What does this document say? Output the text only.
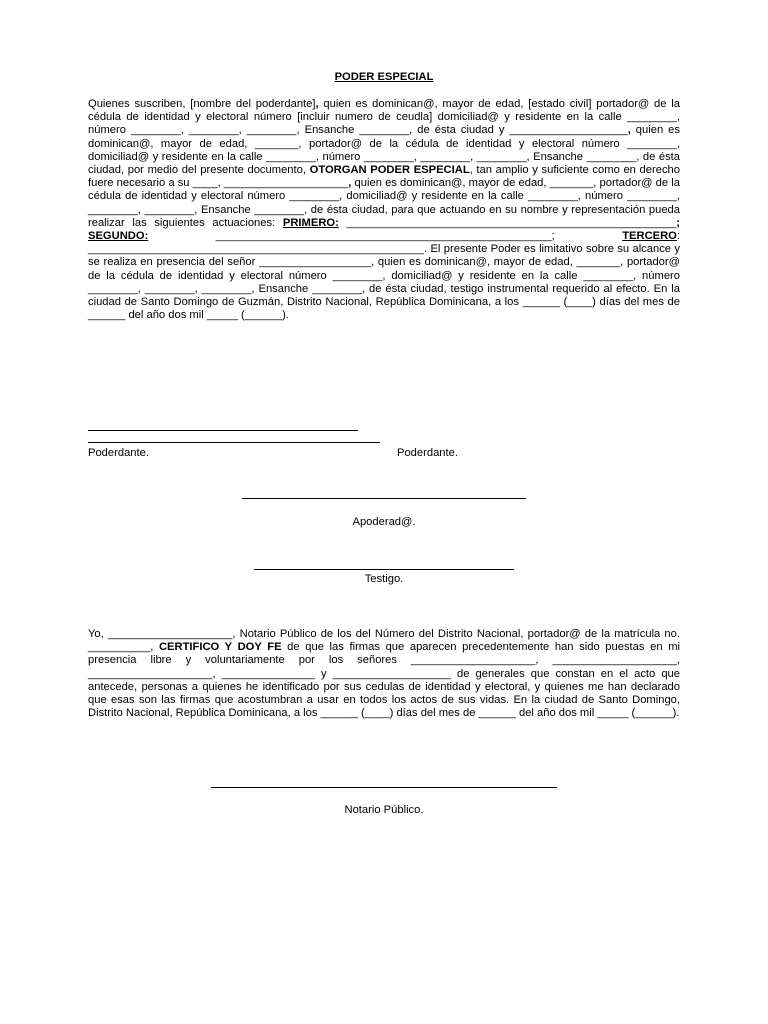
PODER ESPECIAL
Quienes suscriben, [nombre del poderdante], quien es dominican@, mayor de edad, [estado civil] portador@ de la cédula de identidad y electoral número [incluir numero de ceudla] domiciliad@ y residente en la calle ________, número ________, ________, ________, Ensanche ________, de ésta ciudad y ___________________, quien es dominican@, mayor de edad, _______, portador@ de la cédula de identidad y electoral número ________, domiciliad@ y residente en la calle ________, número ________, ________, ________, Ensanche ________, de ésta ciudad, por medio del presente documento, OTORGAN PODER ESPECIAL, tan amplio y suficiente como en derecho fuere necesario a su ____, ____________________, quien es dominican@, mayor de edad, _______, portador@ de la cédula de identidad y electoral número ________, domiciliad@ y residente en la calle ________, número ________, ________, ________, Ensanche ________, de ésta ciudad, para que actuando en su nombre y representación pueda realizar las siguientes actuaciones: PRIMERO: _____________________________________________________; SEGUNDO: ______________________________________________________; TERCERO: ______________________________________________________. El presente Poder es limitativo sobre su alcance y se realiza en presencia del señor __________________, quien es dominican@, mayor de edad, _______, portador@ de la cédula de identidad y electoral número ________, domiciliad@ y residente en la calle ________, número ________, ________, ________, Ensanche ________, de ésta ciudad, testigo instrumental requerido al efecto. En la ciudad de Santo Domingo de Guzmán, Distrito Nacional, República Dominicana, a los ______ (____) días del mes de ______ del año dos mil _____ (______).
Poderdante.	Poderdante.
Apoderad@.
Testigo.
Yo, ____________________, Notario Público de los del Número del Distrito Nacional, portador@ de la matrícula no. __________, CERTIFICO Y DOY FE de que las firmas que aparecen precedentemente han sido puestas en mi presencia libre y voluntariamente por los señores ____________________, ____________________, ____________________, _______________ y ___________________ de generales que constan en el acto que antecede, personas a quienes he identificado por sus cedulas de identidad y electoral, y quienes me han declarado que esas son las firmas que acostumbran a usar en todos los actos de sus vidas. En la ciudad de Santo Domingo, Distrito Nacional, República Dominicana, a los ______ (____) días del mes de ______ del año dos mil _____ (______).
Notario Público.
